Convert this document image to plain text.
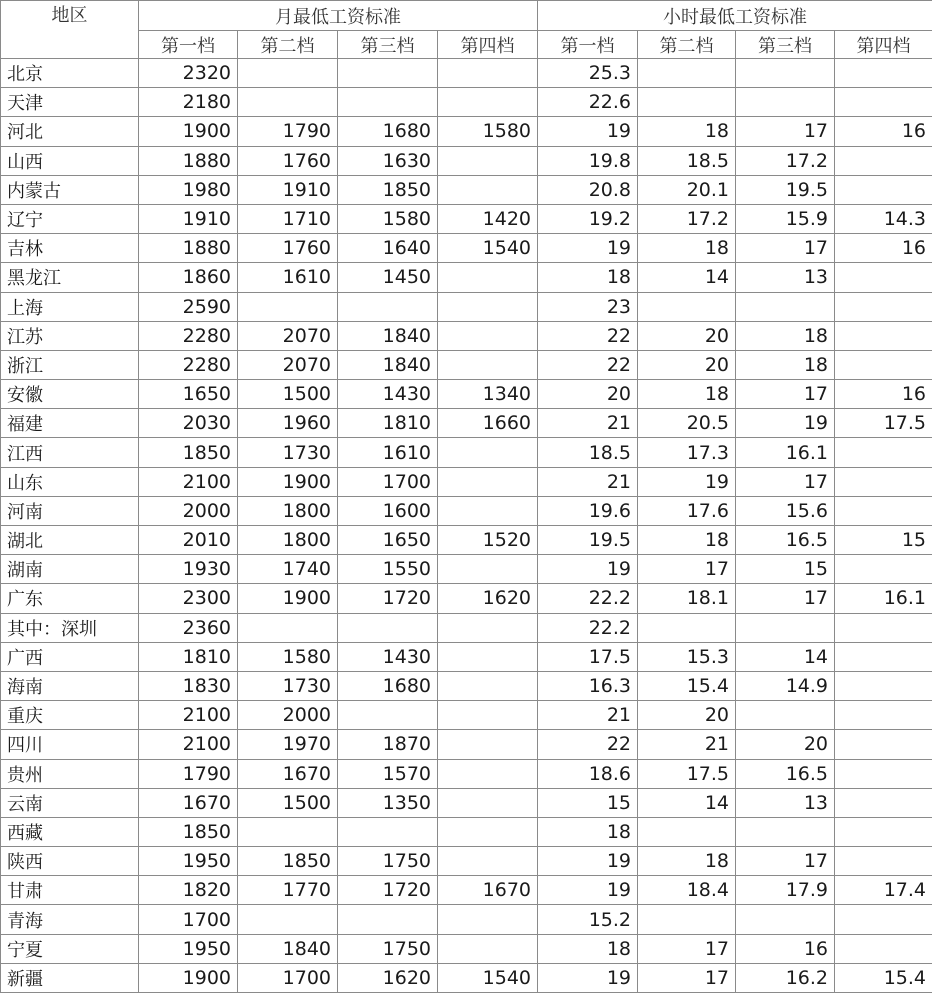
地区	月最低工资标准				小时最低工资标准			
	第一档	第二档	第三档	第四档	第一档	第二档	第三档	第四档
北京	2320				25.3			
天津	2180				22.6			
河北	1900	1790	1680	1580	19	18	17	16
山西	1880	1760	1630		19.8	18.5	17.2	
内蒙古	1980	1910	1850		20.8	20.1	19.5	
辽宁	1910	1710	1580	1420	19.2	17.2	15.9	14.3
吉林	1880	1760	1640	1540	19	18	17	16
黑龙江	1860	1610	1450		18	14	13	
上海	2590				23			
江苏	2280	2070	1840		22	20	18	
浙江	2280	2070	1840		22	20	18	
安徽	1650	1500	1430	1340	20	18	17	16
福建	2030	1960	1810	1660	21	20.5	19	17.5
江西	1850	1730	1610		18.5	17.3	16.1	
山东	2100	1900	1700		21	19	17	
河南	2000	1800	1600		19.6	17.6	15.6	
湖北	2010	1800	1650	1520	19.5	18	16.5	15
湖南	1930	1740	1550		19	17	15	
广东	2300	1900	1720	1620	22.2	18.1	17	16.1
其中：深圳	2360				22.2			
广西	1810	1580	1430		17.5	15.3	14	
海南	1830	1730	1680		16.3	15.4	14.9	
重庆	2100	2000			21	20		
四川	2100	1970	1870		22	21	20	
贵州	1790	1670	1570		18.6	17.5	16.5	
云南	1670	1500	1350		15	14	13	
西藏	1850				18			
陕西	1950	1850	1750		19	18	17	
甘肃	1820	1770	1720	1670	19	18.4	17.9	17.4
青海	1700				15.2			
宁夏	1950	1840	1750		18	17	16	
新疆	1900	1700	1620	1540	19	17	16.2	15.4
